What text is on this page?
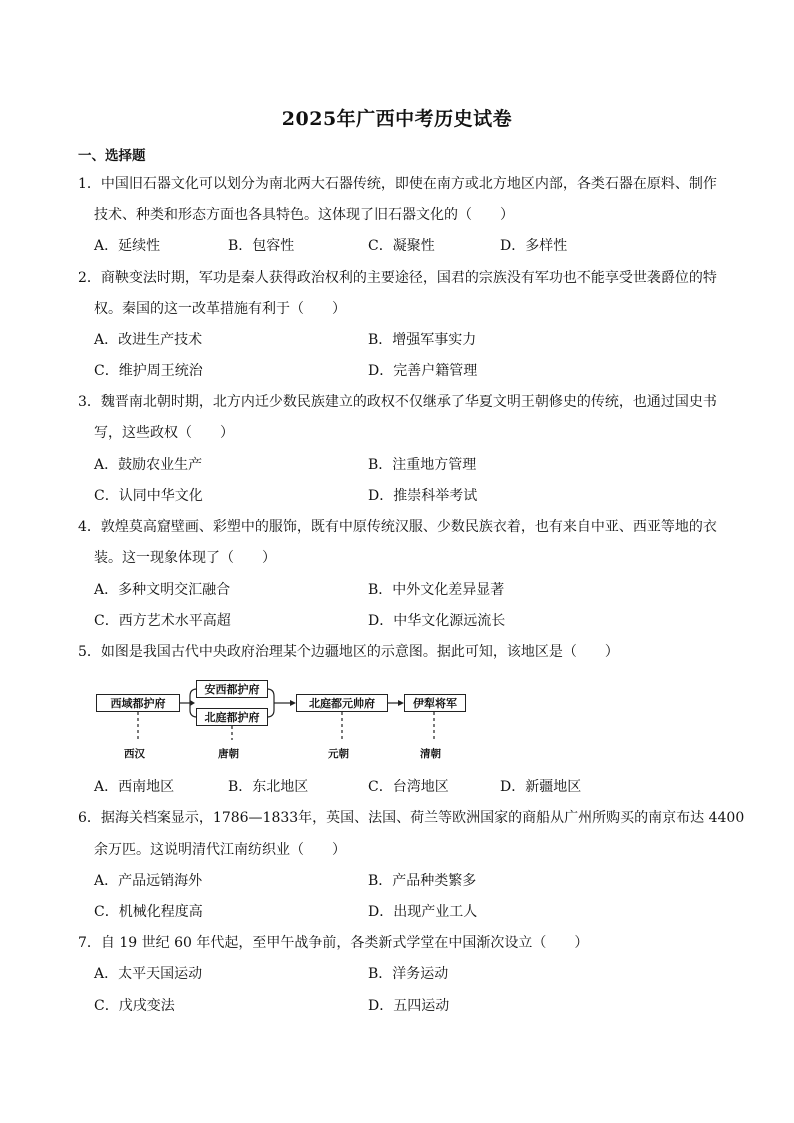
2025年广西中考历史试卷
一、选择题
1．中国旧石器文化可以划分为南北两大石器传统，即使在南方或北方地区内部，各类石器在原料、制作
技术、种类和形态方面也各具特色。这体现了旧石器文化的（　　）
A．延续性	B．包容性	C．凝聚性	D．多样性
2．商鞅变法时期，军功是秦人获得政治权利的主要途径，国君的宗族没有军功也不能享受世袭爵位的特
权。秦国的这一改革措施有利于（　　）
A．改进生产技术	B．增强军事实力
C．维护周王统治	D．完善户籍管理
3．魏晋南北朝时期，北方内迁少数民族建立的政权不仅继承了华夏文明王朝修史的传统，也通过国史书
写，这些政权（　　）
A．鼓励农业生产	B．注重地方管理
C．认同中华文化	D．推崇科举考试
4．敦煌莫高窟壁画、彩塑中的服饰，既有中原传统汉服、少数民族衣着，也有来自中亚、西亚等地的衣
装。这一现象体现了（　　）
A．多种文明交汇融合	B．中外文化差异显著
C．西方艺术水平高超	D．中华文化源远流长
5．如图是我国古代中央政府治理某个边疆地区的示意图。据此可知，该地区是（　　）
西域都护府
安西都护府
北庭都护府
北庭都元帅府	伊犁将军
西汉	唐朝	元朝	清朝
A．西南地区	B．东北地区	C．台湾地区	D．新疆地区
6．据海关档案显示，1786—1833年，英国、法国、荷兰等欧洲国家的商船从广州所购买的南京布达 4400
余万匹。这说明清代江南纺织业（　　）
A．产品远销海外	B．产品种类繁多
C．机械化程度高	D．出现产业工人
7．自 19 世纪 60 年代起，至甲午战争前，各类新式学堂在中国渐次设立（　　）
A．太平天国运动	B．洋务运动
C．戊戌变法	D．五四运动
